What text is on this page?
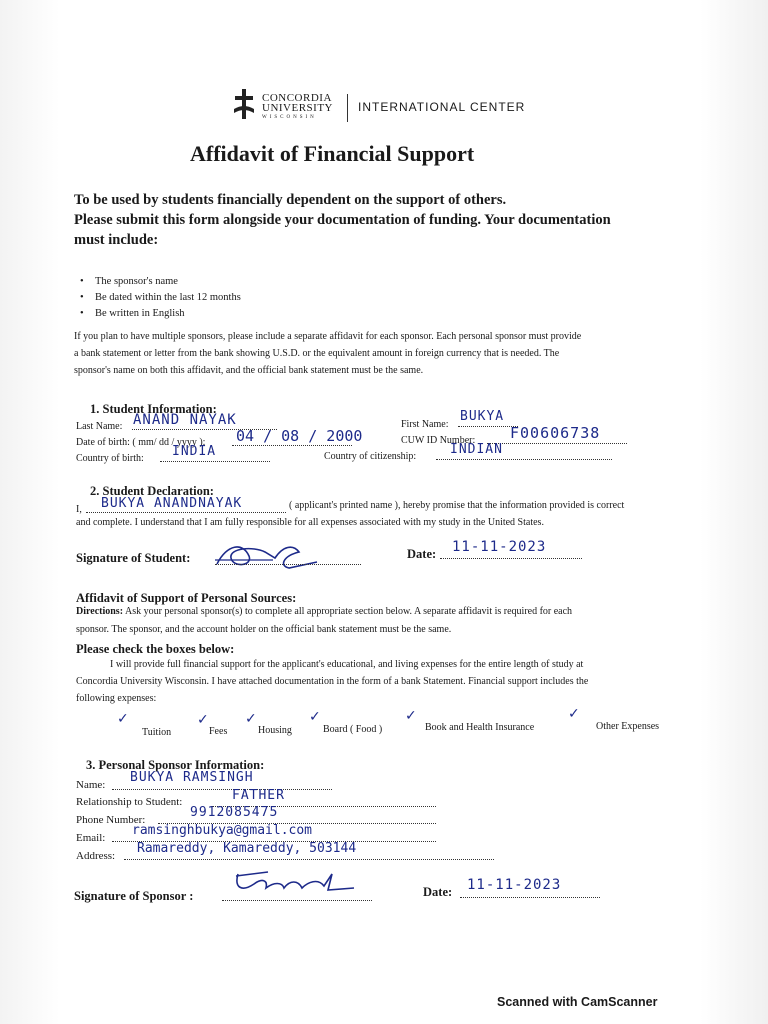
CONCORDIA
UNIVERSITY
WISCONSIN
INTERNATIONAL CENTER
Affidavit of Financial Support
To be used by students financially dependent on the support of others.
Please submit this form alongside your documentation of funding. Your documentation
must include:
• The sponsor's name
• Be dated within the last 12 months
• Be written in English
If you plan to have multiple sponsors, please include a separate affidavit for each sponsor. Each personal sponsor must provide
a bank statement or letter from the bank showing U.S.D. or the equivalent amount in foreign currency that is needed. The
sponsor's name on both this affidavit, and the official bank statement must be the same.
1. Student Information:
Last Name: ANAND NAYAK	First Name:
BUKYA
Date of birth: ( mm/ dd / yyyy ): 04 / 08 / 2000	CUW ID Number: F00606738
Country of birth: INDIA	Country of citizenship:	INDIAN
2. Student Declaration:
I, BUKYA ANANDNAYAK	( applicant's printed name ), hereby promise that the information provided is correct
and complete. I understand that I am fully responsible for all expenses associated with my study in the United States.
Signature of Student:	Date: 11-11-2023
Affidavit of Support of Personal Sources:
Directions: Ask your personal sponsor(s) to complete all appropriate section below. A separate affidavit is required for each
sponsor. The sponsor, and the account holder on the official bank statement must be the same.
Please check the boxes below:
I will provide full financial support for the applicant's educational, and living expenses for the entire length of study at
Concordia University Wisconsin. I have attached documentation in the form of a bank Statement. Financial support includes the
following expenses:
✓
Tuition
✓
Fees
✓
Housing
✓
Board ( Food )
✓
Book and Health Insurance
✓
Other Expenses
3. Personal Sponsor Information:
Name: BUKYA RAMSINGH
Relationship to Student:	FATHER
Phone Number:	9912085475
Email: ramsinghbukya@gmail.com
Address: Ramareddy, Kamareddy, 503144
Signature of Sponsor :	Date: 11-11-2023
Scanned with CamScanner
